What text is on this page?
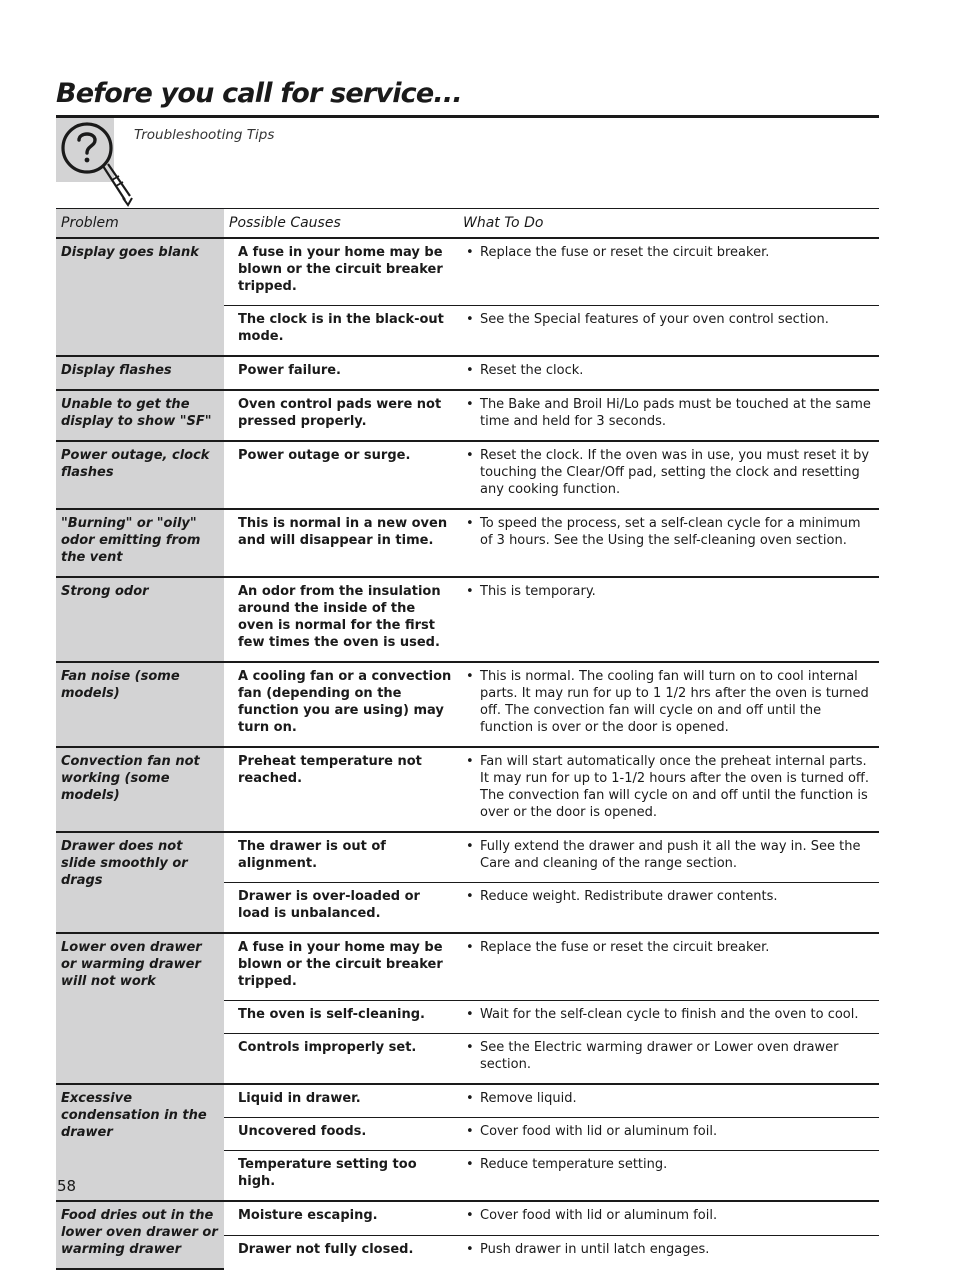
Before you call for service...
Troubleshooting Tips
Problem	Possible Causes	What To Do
Display goes blank	A fuse in your home may be blown or the circuit breaker tripped.	• Replace the fuse or reset the circuit breaker.

	The clock is in the black-out mode.	• See the Special features of your oven control section.

Display flashes	Power failure.	• Reset the clock.

Unable to get the display to show "SF"	Oven control pads were not pressed properly.	• The Bake and Broil Hi/Lo pads must be touched at the same time and held for 3 seconds.

Power outage, clock flashes	Power outage or surge.	• Reset the clock. If the oven was in use, you must reset it by touching the Clear/Off pad, setting the clock and resetting any cooking function.

"Burning" or "oily" odor emitting from the vent	This is normal in a new oven and will disappear in time.	• To speed the process, set a self-clean cycle for a minimum of 3 hours. See the Using the self-cleaning oven section.

Strong odor	An odor from the insulation around the inside of the oven is normal for the first few times the oven is used.	• This is temporary.

Fan noise (some models)	A cooling fan or a convection fan (depending on the function you are using) may turn on.	• This is normal. The cooling fan will turn on to cool internal parts. It may run for up to 1 1/2 hrs after the oven is turned off. The convection fan will cycle on and off until the function is over or the door is opened.

Convection fan not working (some models)	Preheat temperature not reached.	• Fan will start automatically once the preheat internal parts. It may run for up to 1-1/2 hours after the oven is turned off. The convection fan will cycle on and off until the function is over or the door is opened.

Drawer does not slide smoothly or drags	The drawer is out of alignment.	• Fully extend the drawer and push it all the way in. See the Care and cleaning of the range section.

	Drawer is over-loaded or load is unbalanced.	• Reduce weight. Redistribute drawer contents.

Lower oven drawer or warming drawer will not work	A fuse in your home may be blown or the circuit breaker tripped.	• Replace the fuse or reset the circuit breaker.

	The oven is self-cleaning.	• Wait for the self-clean cycle to finish and the oven to cool.

	Controls improperly set.	• See the Electric warming drawer or Lower oven drawer section.

Excessive condensation in the drawer	Liquid in drawer.	• Remove liquid.

	Uncovered foods.	• Cover food with lid or aluminum foil.

	Temperature setting too high.	• Reduce temperature setting.

Food dries out in the lower oven drawer or warming drawer	Moisture escaping.	• Cover food with lid or aluminum foil.

	Drawer not fully closed.	• Push drawer in until latch engages.
58
